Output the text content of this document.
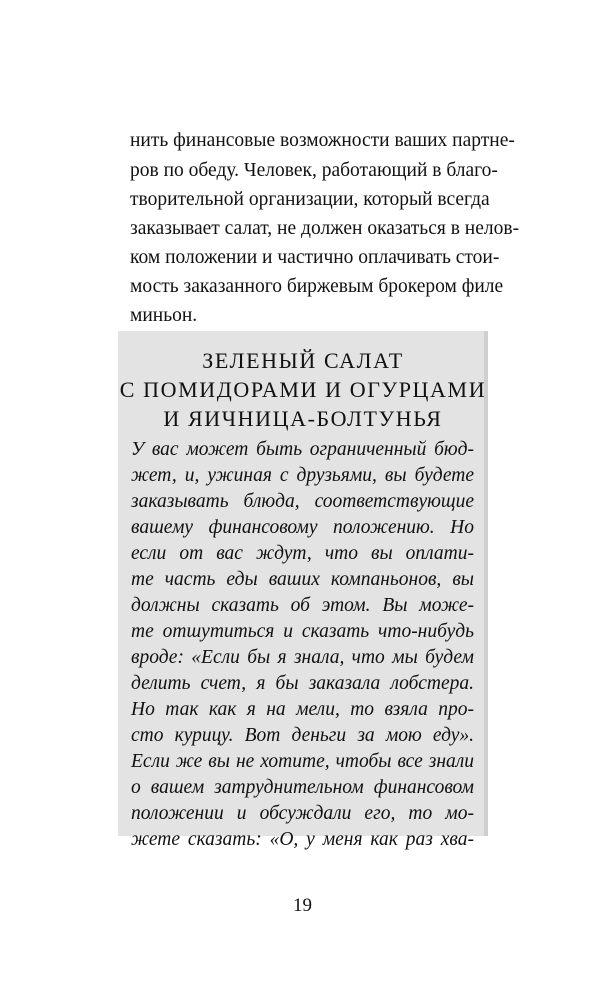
нить финансовые возможности ваших партне-
ров по обеду. Человек, работающий в благо-
творительной организации, который всегда
заказывает салат, не должен оказаться в нелов-
ком положении и частично оплачивать стои-
мость заказанного биржевым брокером филе
миньон.
ЗЕЛЕНЫЙ САЛАТ
С ПОМИДОРАМИ И ОГУРЦАМИ
И ЯИЧНИЦА-БОЛТУНЬЯ
У вас может быть ограниченный бюд-
жет, и, ужиная с друзьями, вы будете
заказывать блюда, соответствующие
вашему финансовому положению. Но
если от вас ждут, что вы оплати-
те часть еды ваших компаньонов, вы
должны сказать об этом. Вы може-
те отшутиться и сказать что-нибудь
вроде: «Если бы я знала, что мы будем
делить счет, я бы заказала лобстера.
Но так как я на мели, то взяла про-
сто курицу. Вот деньги за мою еду».
Если же вы не хотите, чтобы все знали
о вашем затруднительном финансовом
положении и обсуждали его, то мо-
жете сказать: «О, у меня как раз хва-
19
